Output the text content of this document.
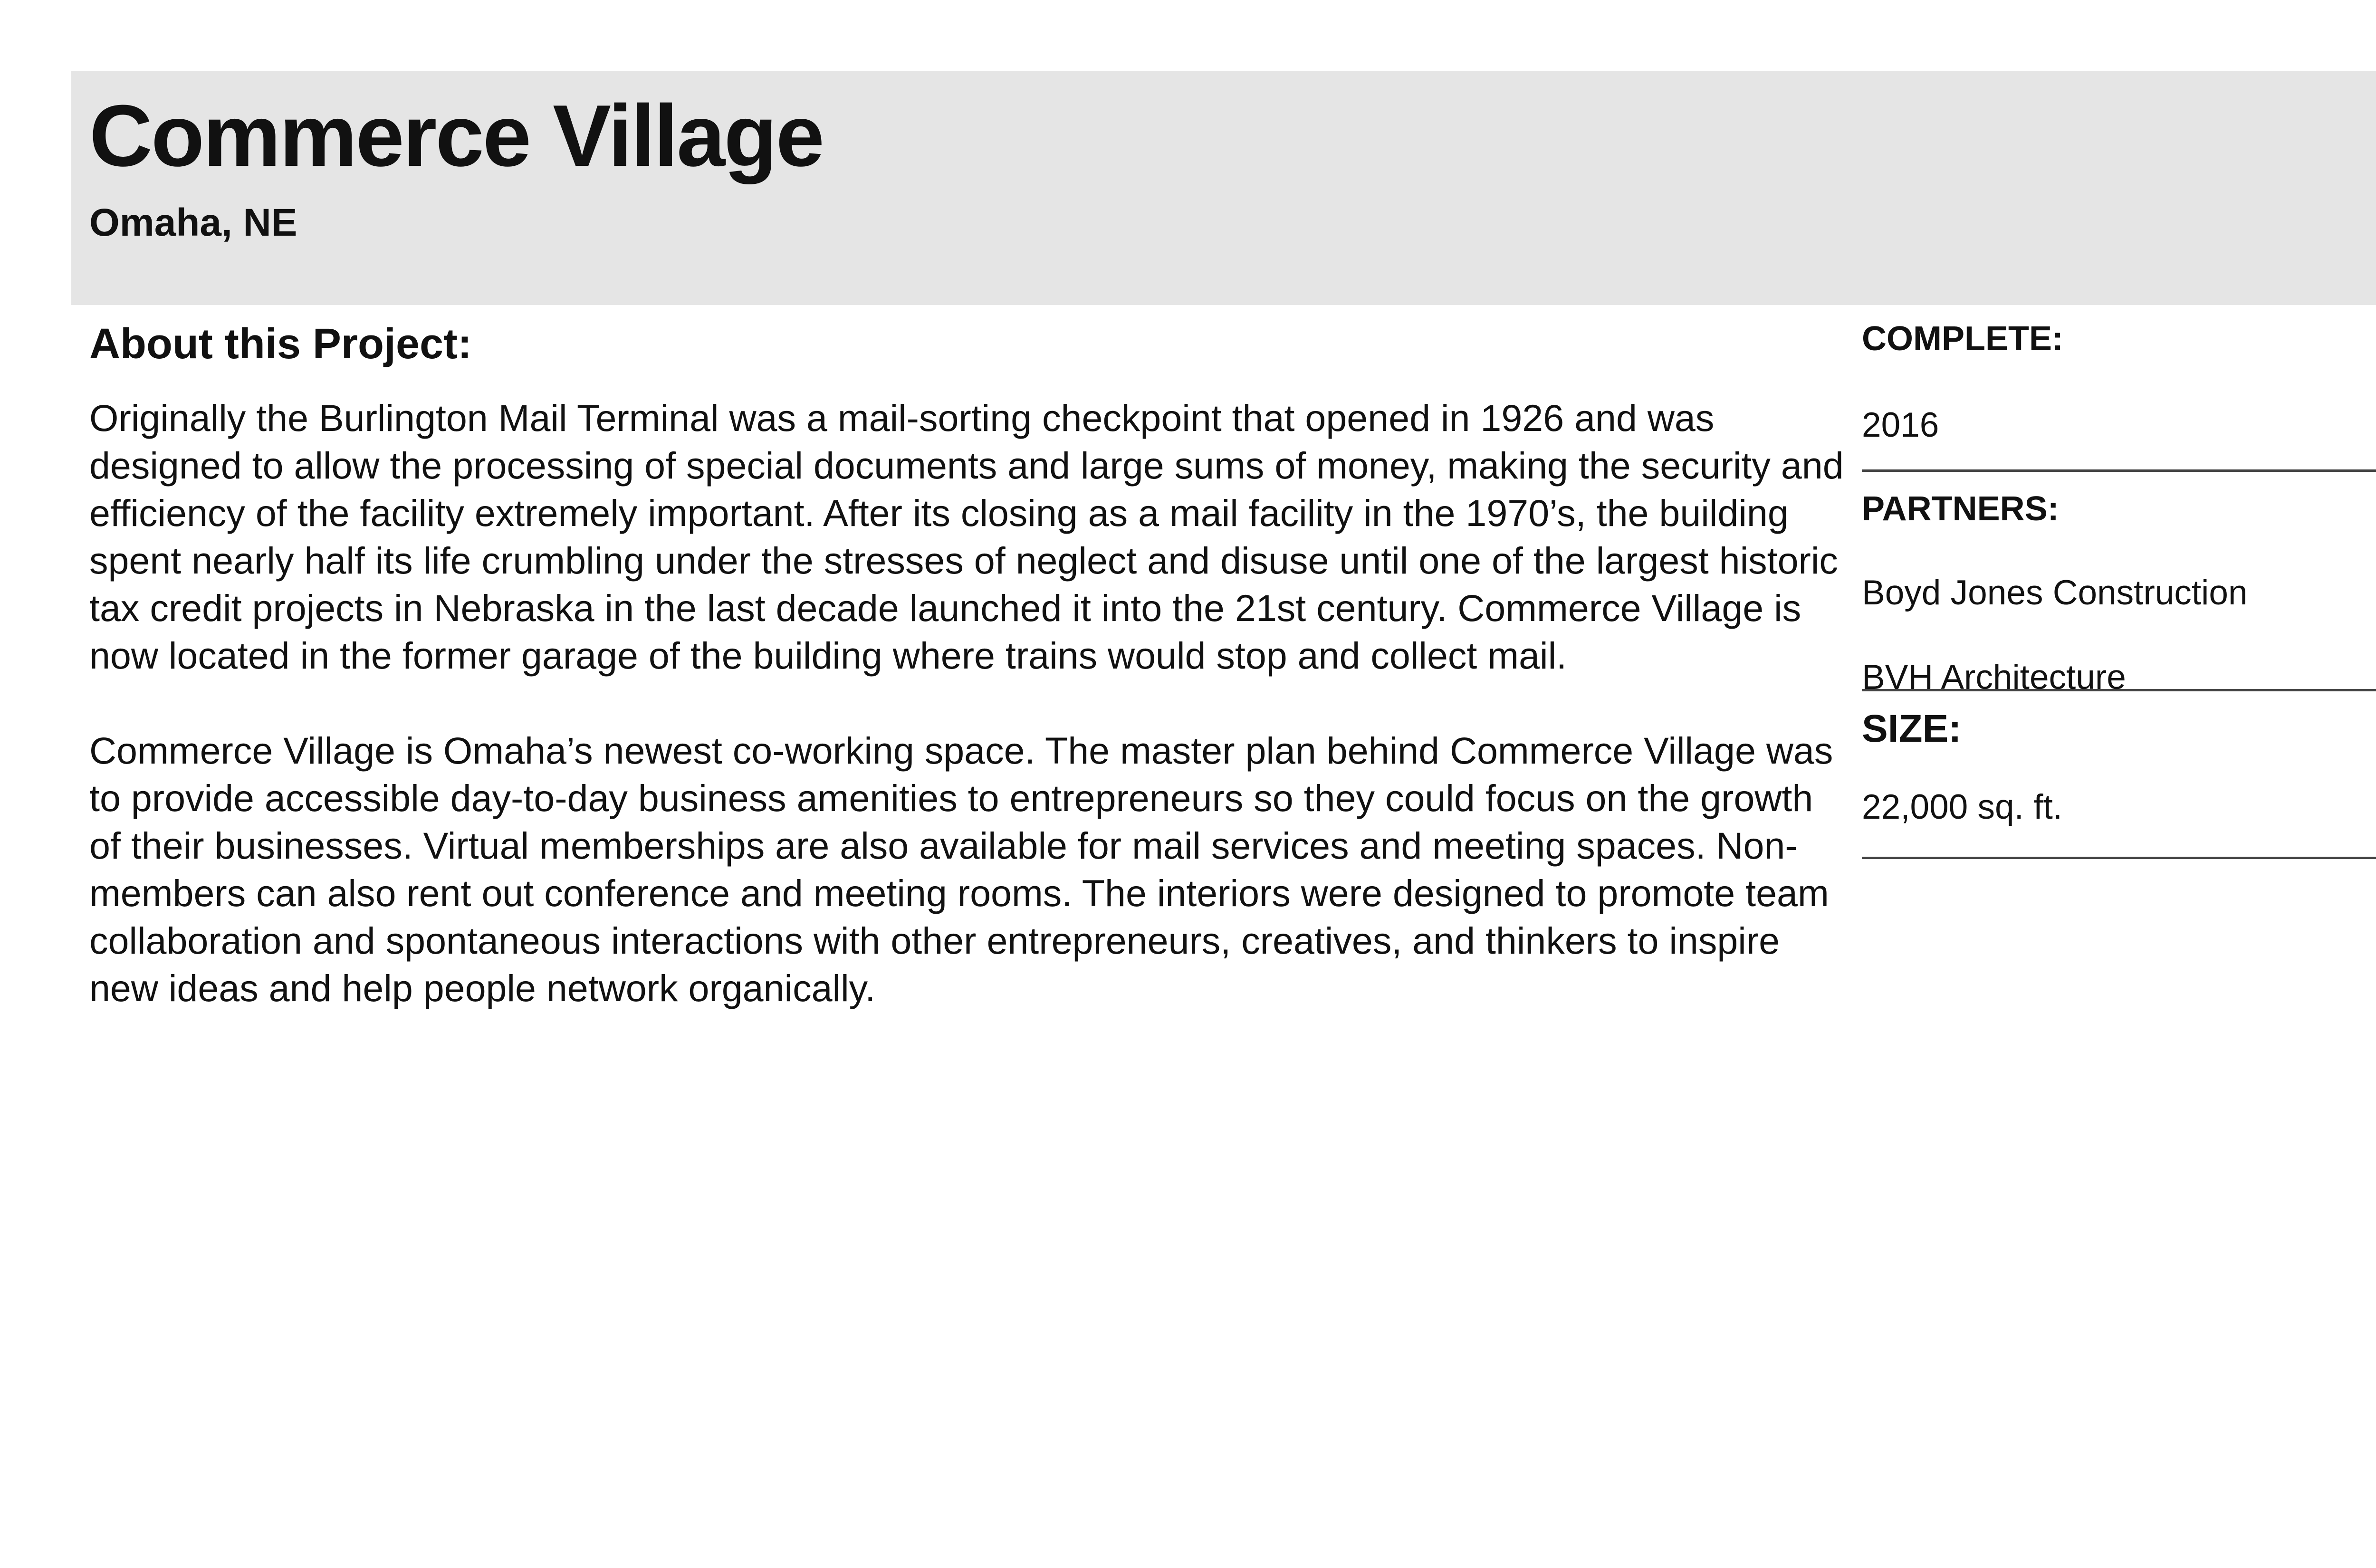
Commerce Village
Omaha, NE
About this Project:

Originally the Burlington Mail Terminal was a mail-sorting checkpoint that opened in 1926 and was designed to allow the processing of special documents and large sums of money, making the security and efficiency of the facility extremely important. After its closing as a mail facility in the 1970’s, the building spent nearly half its life crumbling under the stresses of neglect and disuse until one of the largest historic tax credit projects in Nebraska in the last decade launched it into the 21st century. Commerce Village is now located in the former garage of the building where trains would stop and collect mail.

Commerce Village is Omaha’s newest co-working space. The master plan behind Commerce Village was to provide accessible day-to-day business amenities to entrepreneurs so they could focus on the growth of their businesses. Virtual memberships are also available for mail services and meeting spaces. Non-members can also rent out conference and meeting rooms. The interiors were designed to promote team collaboration and spontaneous interactions with other entrepreneurs, creatives, and thinkers to inspire new ideas and help people network organically.

COMPLETE:
2016
PARTNERS:
Boyd Jones Construction
BVH Architecture
SIZE:
22,000 sq. ft.
